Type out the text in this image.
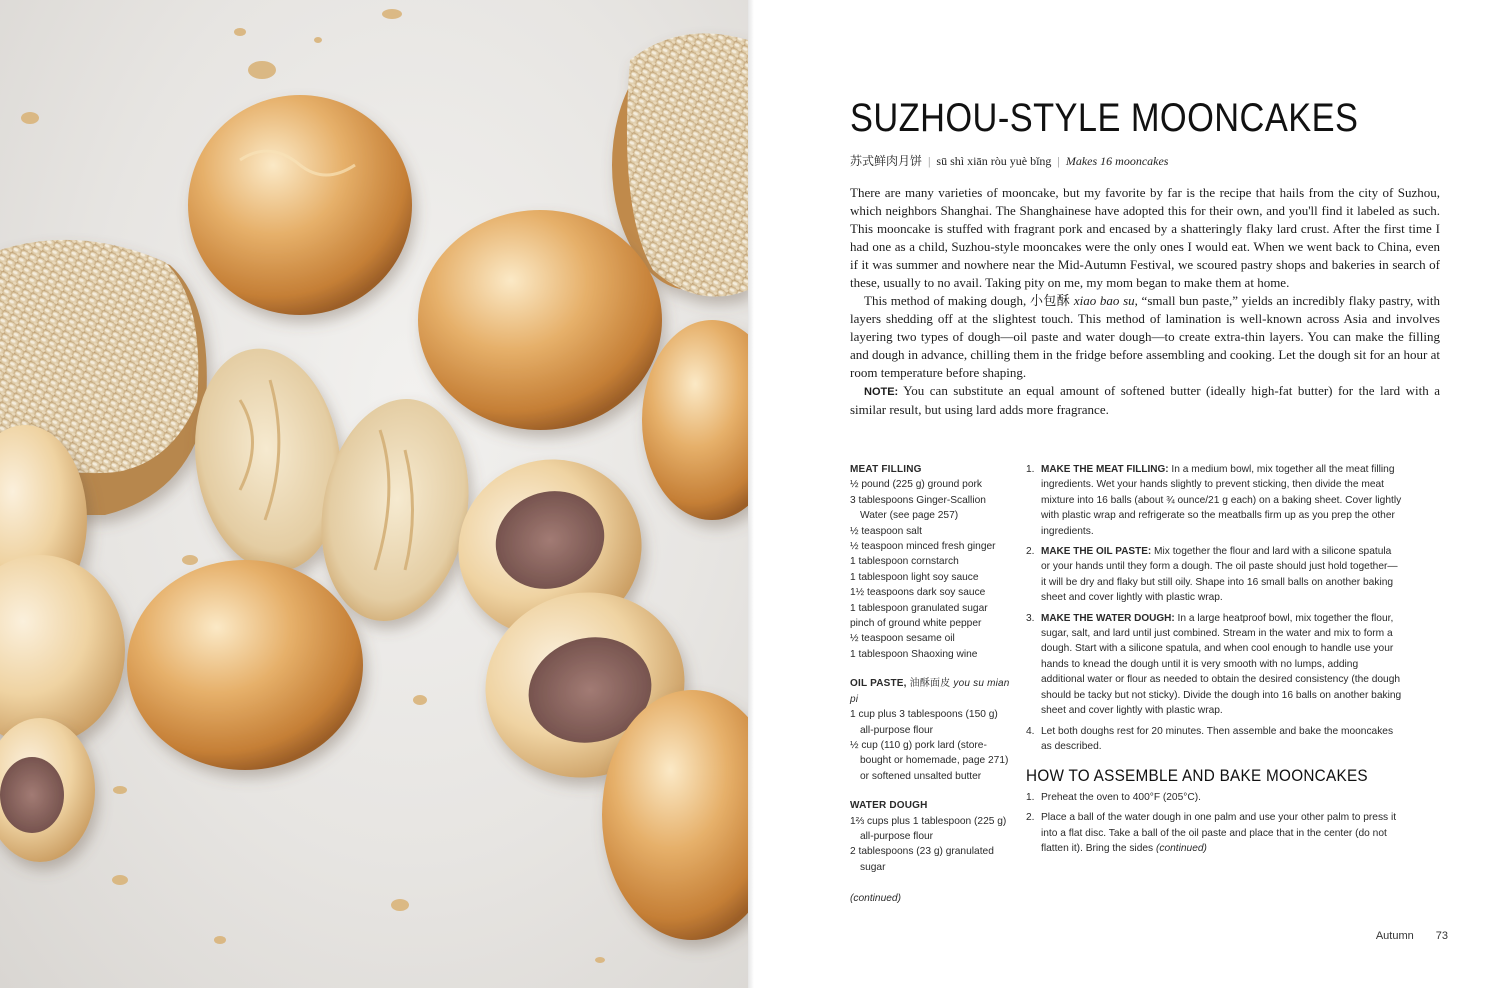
SUZHOU-STYLE MOONCAKES
苏式鲜肉月饼 | sū shì xiān ròu yuè bǐng | Makes 16 mooncakes

There are many varieties of mooncake, but my favorite by far is the recipe that hails from the city of Suzhou, which neighbors Shanghai. The Shanghainese have adopted this for their own, and you'll find it labeled as such. This mooncake is stuffed with fragrant pork and encased by a shatteringly flaky lard crust. After the first time I had one as a child, Suzhou-style mooncakes were the only ones I would eat. When we went back to China, even if it was summer and nowhere near the Mid-Autumn Festival, we scoured pastry shops and bakeries in search of these, usually to no avail. Taking pity on me, my mom began to make them at home.

This method of making dough, 小包酥 xiao bao su, “small bun paste,” yields an incredibly flaky pastry, with layers shedding off at the slightest touch. This method of lamination is well-known across Asia and involves layering two types of dough—oil paste and water dough—to create extra-thin layers. You can make the filling and dough in advance, chilling them in the fridge before assembling and cooking. Let the dough sit for an hour at room temperature before shaping.

NOTE: You can substitute an equal amount of softened butter (ideally high-fat butter) for the lard with a similar result, but using lard adds more fragrance.

MEAT FILLING
½ pound (225 g) ground pork
3 tablespoons Ginger-Scallion Water (see page 257)
½ teaspoon salt
½ teaspoon minced fresh ginger
1 tablespoon cornstarch
1 tablespoon light soy sauce
1½ teaspoons dark soy sauce
1 tablespoon granulated sugar
pinch of ground white pepper
½ teaspoon sesame oil
1 tablespoon Shaoxing wine
OIL PASTE, 油酥面皮 you su mian pi
1 cup plus 3 tablespoons (150 g) all-purpose flour
½ cup (110 g) pork lard (store-bought or homemade, page 271) or softened unsalted butter
WATER DOUGH
1⅔ cups plus 1 tablespoon (225 g) all-purpose flour
2 tablespoons (23 g) granulated sugar
(continued)
1. MAKE THE MEAT FILLING: In a medium bowl, mix together all the meat filling ingredients. Wet your hands slightly to prevent sticking, then divide the meat mixture into 16 balls (about ¾ ounce/21 g each) on a baking sheet. Cover lightly with plastic wrap and refrigerate so the meatballs firm up as you prep the other ingredients.
2. MAKE THE OIL PASTE: Mix together the flour and lard with a silicone spatula or your hands until they form a dough. The oil paste should just hold together—it will be dry and flaky but still oily. Shape into 16 small balls on another baking sheet and cover lightly with plastic wrap.
3. MAKE THE WATER DOUGH: In a large heatproof bowl, mix together the flour, sugar, salt, and lard until just combined. Stream in the water and mix to form a dough. Start with a silicone spatula, and when cool enough to handle use your hands to knead the dough until it is very smooth with no lumps, adding additional water or flour as needed to obtain the desired consistency (the dough should be tacky but not sticky). Divide the dough into 16 balls on another baking sheet and cover lightly with plastic wrap.
4. Let both doughs rest for 20 minutes. Then assemble and bake the mooncakes as described.
HOW TO ASSEMBLE AND BAKE MOONCAKES
1. Preheat the oven to 400°F (205°C).
2. Place a ball of the water dough in one palm and use your other palm to press it into a flat disc. Take a ball of the oil paste and place that in the center (do not flatten it). Bring the sides (continued)
Autumn 73
